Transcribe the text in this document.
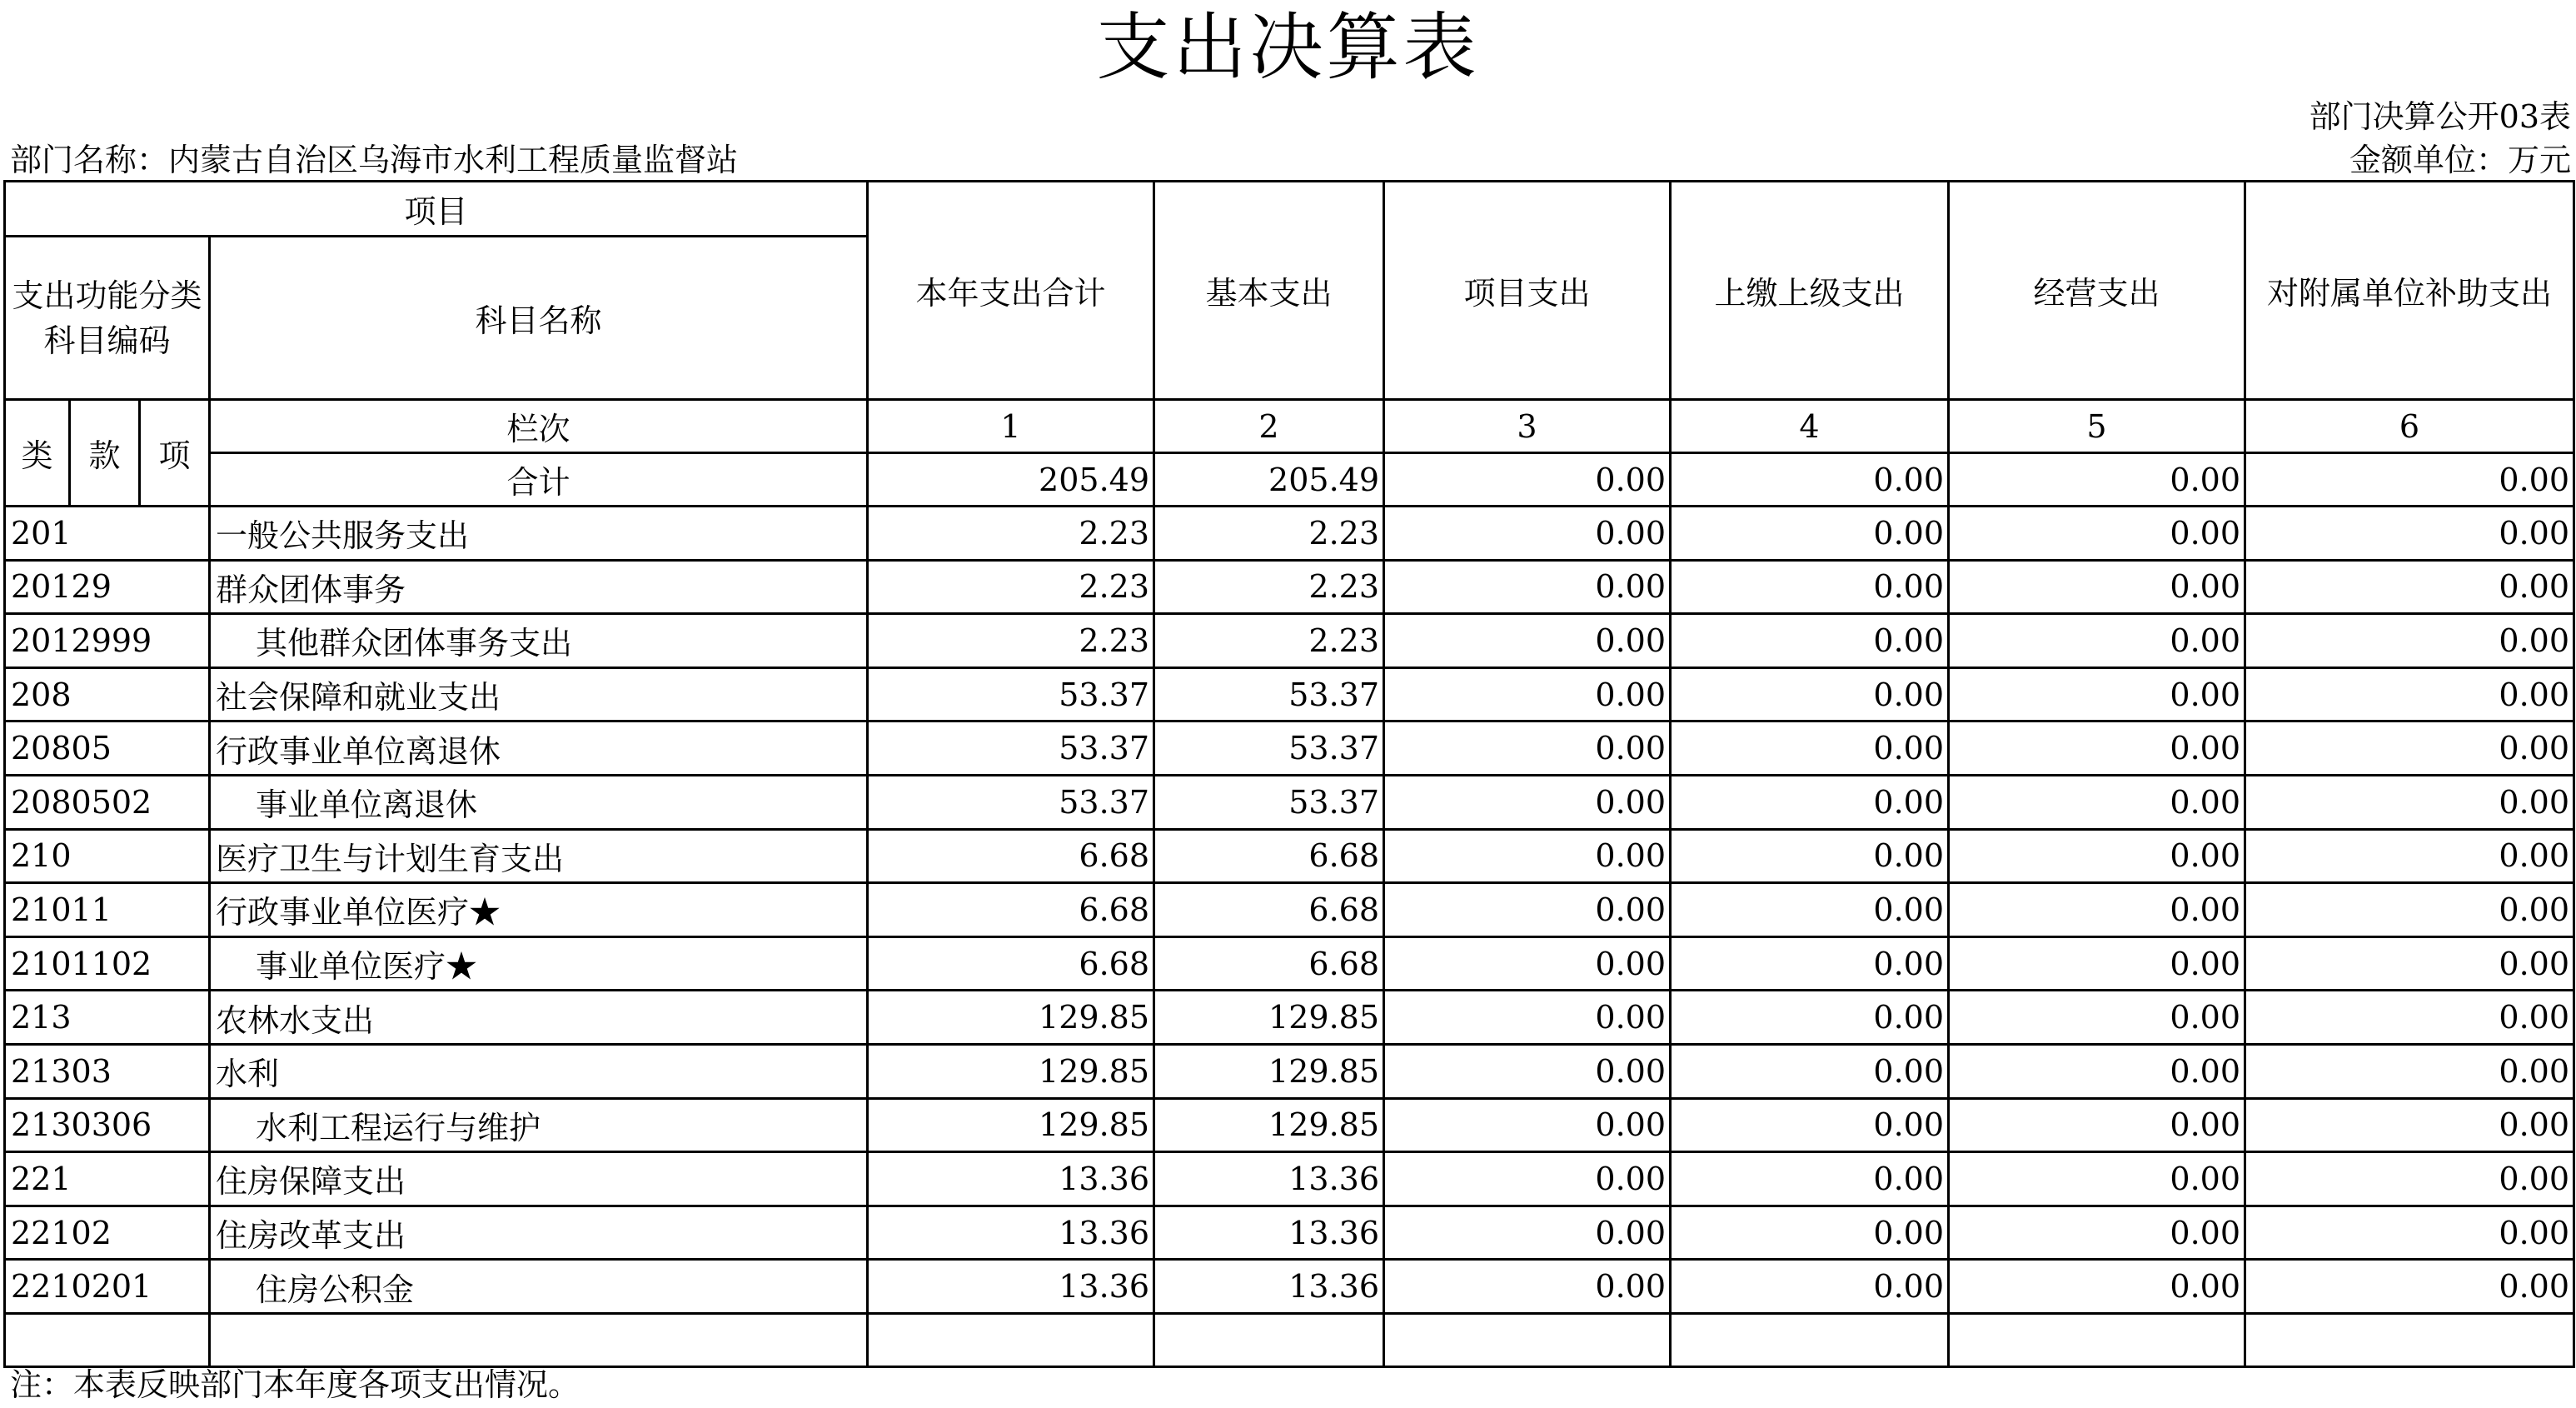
支出决算表
部门决算公开03表
部门名称：内蒙古自治区乌海市水利工程质量监督站	金额单位：万元
项目				本年支出合计	基本支出	项目支出	上缴上级支出	经营支出	对附属单位补助支出
支出功能分类科目编码			科目名称						
类	款	项	栏次	1	2	3	4	5	6
			合计	205.49	205.49	0.00	0.00	0.00	0.00
201			一般公共服务支出	2.23	2.23	0.00	0.00	0.00	0.00
20129			群众团体事务	2.23	2.23	0.00	0.00	0.00	0.00
2012999			其他群众团体事务支出	2.23	2.23	0.00	0.00	0.00	0.00
208			社会保障和就业支出	53.37	53.37	0.00	0.00	0.00	0.00
20805			行政事业单位离退休	53.37	53.37	0.00	0.00	0.00	0.00
2080502			事业单位离退休	53.37	53.37	0.00	0.00	0.00	0.00
210			医疗卫生与计划生育支出	6.68	6.68	0.00	0.00	0.00	0.00
21011			行政事业单位医疗★	6.68	6.68	0.00	0.00	0.00	0.00
2101102			事业单位医疗★	6.68	6.68	0.00	0.00	0.00	0.00
213			农林水支出	129.85	129.85	0.00	0.00	0.00	0.00
21303			水利	129.85	129.85	0.00	0.00	0.00	0.00
2130306			水利工程运行与维护	129.85	129.85	0.00	0.00	0.00	0.00
221			住房保障支出	13.36	13.36	0.00	0.00	0.00	0.00
22102			住房改革支出	13.36	13.36	0.00	0.00	0.00	0.00
2210201			住房公积金	13.36	13.36	0.00	0.00	0.00	0.00

注：本表反映部门本年度各项支出情况。
